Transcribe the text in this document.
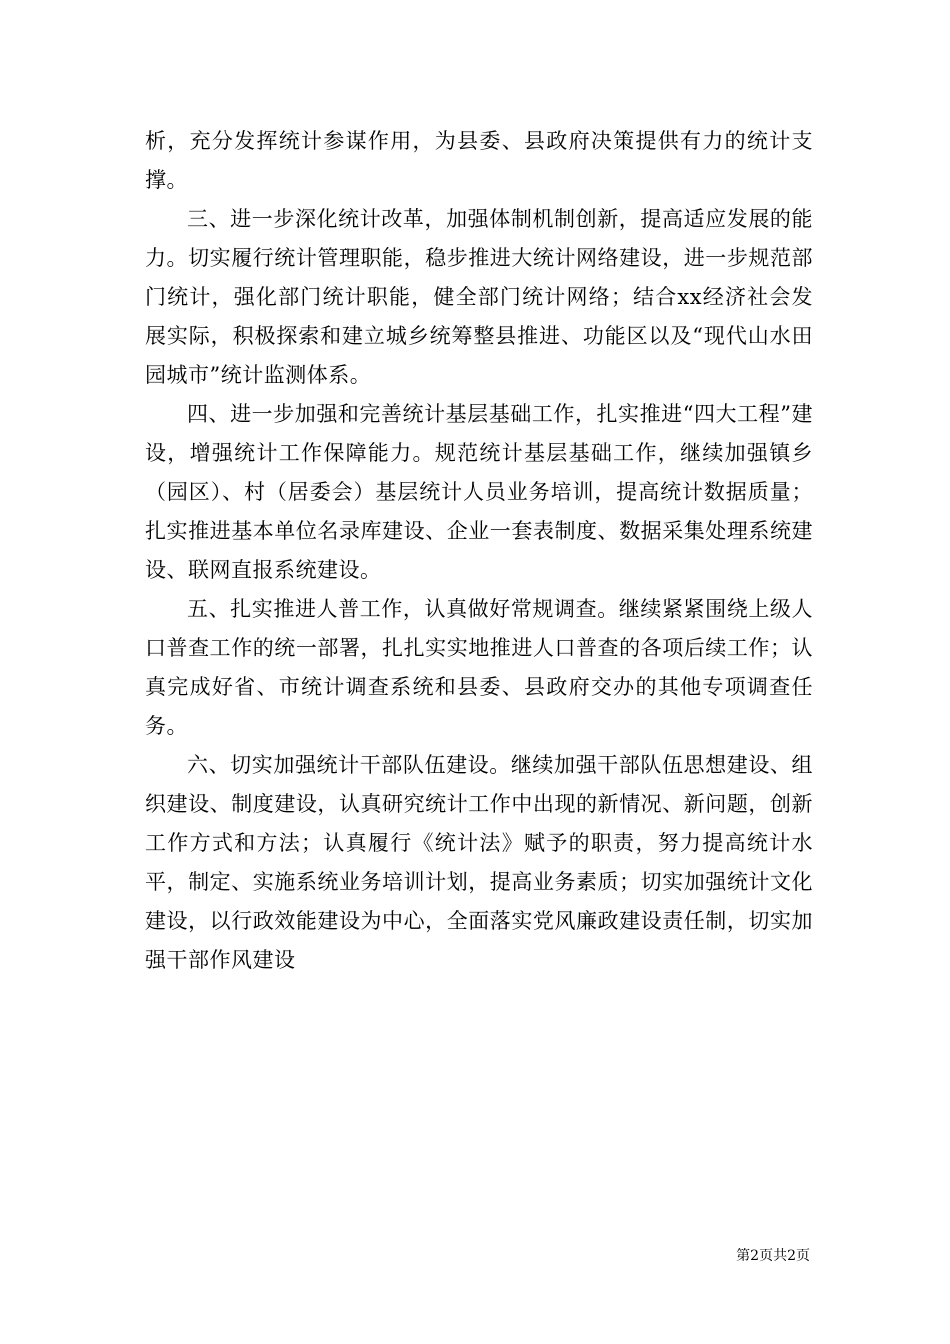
析，充分发挥统计参谋作用，为县委、县政府决策提供有力的统计支撑。

三、进一步深化统计改革，加强体制机制创新，提高适应发展的能力。切实履行统计管理职能，稳步推进大统计网络建设，进一步规范部门统计，强化部门统计职能，健全部门统计网络；结合xx经济社会发展实际，积极探索和建立城乡统筹整县推进、功能区以及“现代山水田园城市”统计监测体系。

四、进一步加强和完善统计基层基础工作，扎实推进“四大工程”建设，增强统计工作保障能力。规范统计基层基础工作，继续加强镇乡（园区）、村（居委会）基层统计人员业务培训，提高统计数据质量；扎实推进基本单位名录库建设、企业一套表制度、数据采集处理系统建设、联网直报系统建设。

五、扎实推进人普工作，认真做好常规调查。继续紧紧围绕上级人口普查工作的统一部署，扎扎实实地推进人口普查的各项后续工作；认真完成好省、市统计调查系统和县委、县政府交办的其他专项调查任务。

六、切实加强统计干部队伍建设。继续加强干部队伍思想建设、组织建设、制度建设，认真研究统计工作中出现的新情况、新问题，创新工作方式和方法；认真履行《统计法》赋予的职责，努力提高统计水平，制定、实施系统业务培训计划，提高业务素质；切实加强统计文化建设，以行政效能建设为中心，全面落实党风廉政建设责任制，切实加强干部作风建设

第2页共2页
